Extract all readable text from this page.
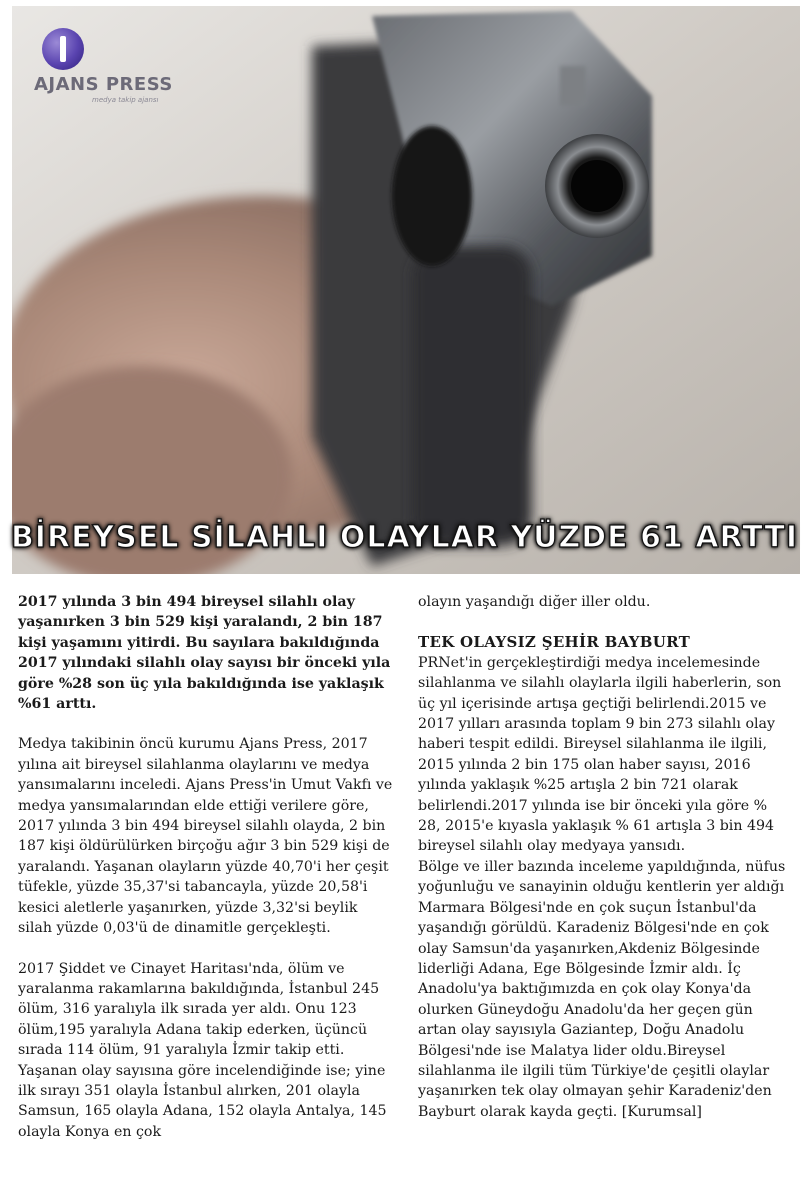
AJANS PRESS
medya takip ajansı
BİREYSEL SİLAHLI OLAYLAR YÜZDE 61 ARTTI

2017 yılında 3 bin 494 bireysel silahlı olay yaşanırken 3 bin 529 kişi yaralandı, 2 bin 187 kişi yaşamını yitirdi. Bu sayılara bakıldığında 2017 yılındaki silahlı olay sayısı bir önceki yıla göre %28 son üç yıla bakıldığında ise yaklaşık %61 arttı.

Medya takibinin öncü kurumu Ajans Press, 2017 yılına ait bireysel silahlanma olaylarını ve medya yansımalarını inceledi. Ajans Press'in Umut Vakfı ve medya yansımalarından elde ettiği verilere göre, 2017 yılında 3 bin 494 bireysel silahlı olayda, 2 bin 187 kişi öldürülürken birçoğu ağır 3 bin 529 kişi de yaralandı. Yaşanan olayların yüzde 40,70'i her çeşit tüfekle, yüzde 35,37'si tabancayla, yüzde 20,58'i kesici aletlerle yaşanırken, yüzde 3,32'si beylik silah yüzde 0,03'ü de dinamitle gerçekleşti.

2017 Şiddet ve Cinayet Haritası'nda, ölüm ve yaralanma rakamlarına bakıldığında, İstanbul 245 ölüm, 316 yaralıyla ilk sırada yer aldı. Onu 123 ölüm,195 yaralıyla Adana takip ederken, üçüncü sırada 114 ölüm, 91 yaralıyla İzmir takip etti. Yaşanan olay sayısına göre incelendiğinde ise; yine ilk sırayı 351 olayla İstanbul alırken, 201 olayla Samsun, 165 olayla Adana, 152 olayla Antalya, 145 olayla Konya en çok

olayın yaşandığı diğer iller oldu.

TEK OLAYSIZ ŞEHİR BAYBURT

PRNet'in gerçekleştirdiği medya incelemesinde silahlanma ve silahlı olaylarla ilgili haberlerin, son üç yıl içerisinde artışa geçtiği belirlendi.2015 ve 2017 yılları arasında toplam 9 bin 273 silahlı olay haberi tespit edildi. Bireysel silahlanma ile ilgili, 2015 yılında 2 bin 175 olan haber sayısı, 2016 yılında yaklaşık %25 artışla 2 bin 721 olarak belirlendi.2017 yılında ise bir önceki yıla göre % 28, 2015'e kıyasla yaklaşık % 61 artışla 3 bin 494 bireysel silahlı olay medyaya yansıdı.

Bölge ve iller bazında inceleme yapıldığında, nüfus yoğunluğu ve sanayinin olduğu kentlerin yer aldığı Marmara Bölgesi'nde en çok suçun İstanbul'da yaşandığı görüldü. Karadeniz Bölgesi'nde en çok olay Samsun'da yaşanırken,Akdeniz Bölgesinde liderliği Adana, Ege Bölgesinde İzmir aldı. İç Anadolu'ya baktığımızda en çok olay Konya'da olurken Güneydoğu Anadolu'da her geçen gün artan olay sayısıyla Gaziantep, Doğu Anadolu Bölgesi'nde ise Malatya lider oldu.Bireysel silahlanma ile ilgili tüm Türkiye'de çeşitli olaylar yaşanırken tek olay olmayan şehir Karadeniz'den Bayburt olarak kayda geçti. [Kurumsal]
